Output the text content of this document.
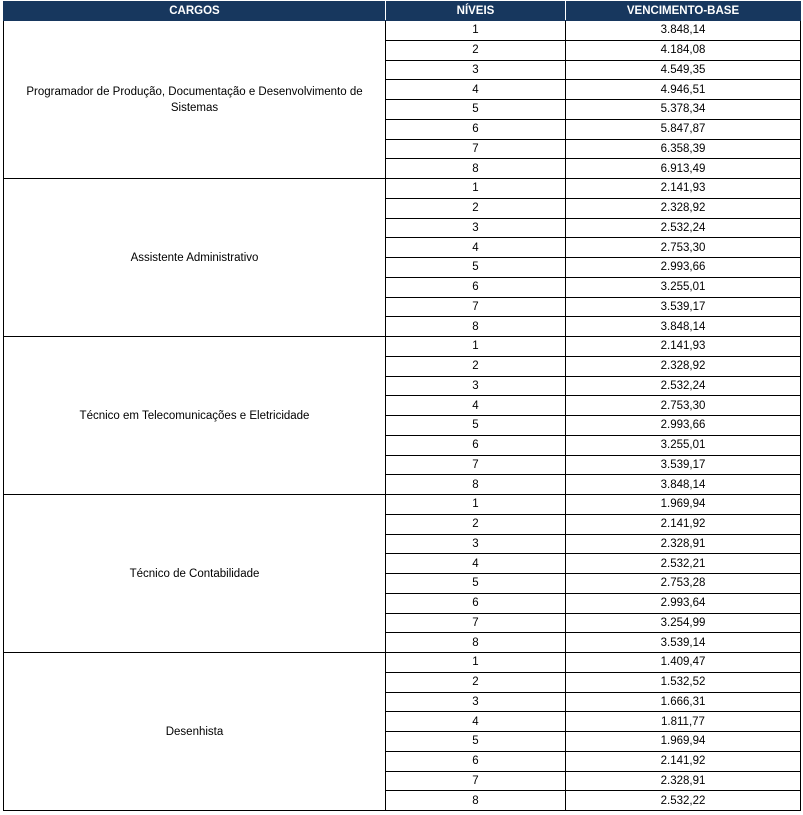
CARGOS	NÍVEIS	VENCIMENTO-BASE
Programador de Produção, Documentação e Desenvolvimento de Sistemas	1	3.848,14
	2	4.184,08
	3	4.549,35
	4	4.946,51
	5	5.378,34
	6	5.847,87
	7	6.358,39
	8	6.913,49
Assistente Administrativo	1	2.141,93
	2	2.328,92
	3	2.532,24
	4	2.753,30
	5	2.993,66
	6	3.255,01
	7	3.539,17
	8	3.848,14
Técnico em Telecomunicações e Eletricidade	1	2.141,93
	2	2.328,92
	3	2.532,24
	4	2.753,30
	5	2.993,66
	6	3.255,01
	7	3.539,17
	8	3.848,14
Técnico de Contabilidade	1	1.969,94
	2	2.141,92
	3	2.328,91
	4	2.532,21
	5	2.753,28
	6	2.993,64
	7	3.254,99
	8	3.539,14
Desenhista	1	1.409,47
	2	1.532,52
	3	1.666,31
	4	1.811,77
	5	1.969,94
	6	2.141,92
	7	2.328,91
	8	2.532,22
